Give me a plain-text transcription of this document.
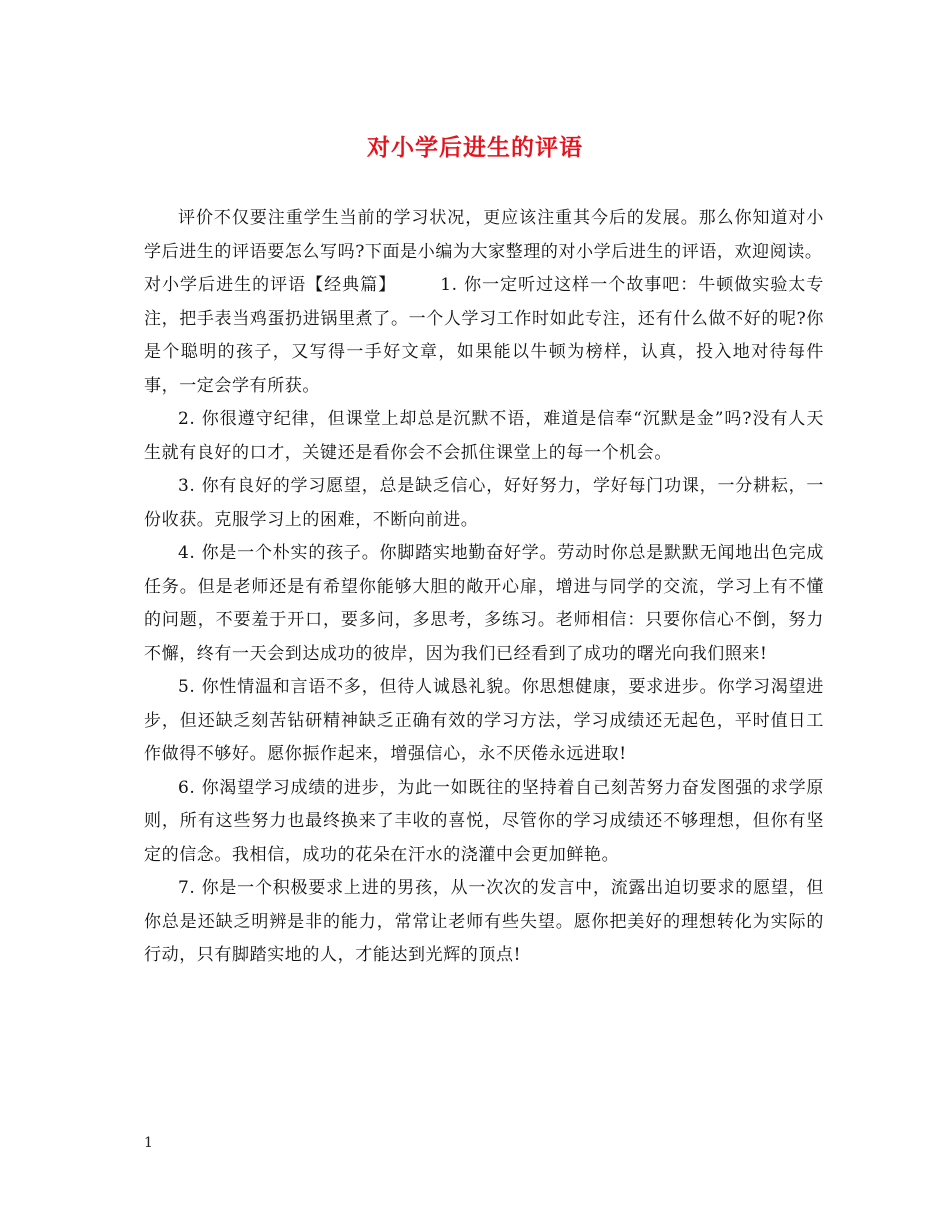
对小学后进生的评语

评价不仅要注重学生当前的学习状况，更应该注重其今后的发展。那么你知道对小学后进生的评语要怎么写吗?下面是小编为大家整理的对小学后进生的评语，欢迎阅读。

对小学后进生的评语【经典篇】	1. 你一定听过这样一个故事吧：牛顿做实验太专注，把手表当鸡蛋扔进锅里煮了。一个人学习工作时如此专注，还有什么做不好的呢?你是个聪明的孩子，又写得一手好文章，如果能以牛顿为榜样，认真，投入地对待每件事，一定会学有所获。

2. 你很遵守纪律，但课堂上却总是沉默不语，难道是信奉“沉默是金”吗?没有人天生就有良好的口才，关键还是看你会不会抓住课堂上的每一个机会。

3. 你有良好的学习愿望，总是缺乏信心，好好努力，学好每门功课，一分耕耘，一份收获。克服学习上的困难，不断向前进。

4. 你是一个朴实的孩子。你脚踏实地勤奋好学。劳动时你总是默默无闻地出色完成任务。但是老师还是有希望你能够大胆的敞开心扉，增进与同学的交流，学习上有不懂的问题，不要羞于开口，要多问，多思考，多练习。老师相信：只要你信心不倒，努力不懈，终有一天会到达成功的彼岸，因为我们已经看到了成功的曙光向我们照来!

5. 你性情温和言语不多，但待人诚恳礼貌。你思想健康，要求进步。你学习渴望进步，但还缺乏刻苦钻研精神缺乏正确有效的学习方法，学习成绩还无起色，平时值日工作做得不够好。愿你振作起来，增强信心，永不厌倦永远进取!

6. 你渴望学习成绩的进步，为此一如既往的坚持着自己刻苦努力奋发图强的求学原则，所有这些努力也最终换来了丰收的喜悦，尽管你的学习成绩还不够理想，但你有坚定的信念。我相信，成功的花朵在汗水的浇灌中会更加鲜艳。

7. 你是一个积极要求上进的男孩，从一次次的发言中，流露出迫切要求的愿望，但你总是还缺乏明辨是非的能力，常常让老师有些失望。愿你把美好的理想转化为实际的行动，只有脚踏实地的人，才能达到光辉的顶点!

1
